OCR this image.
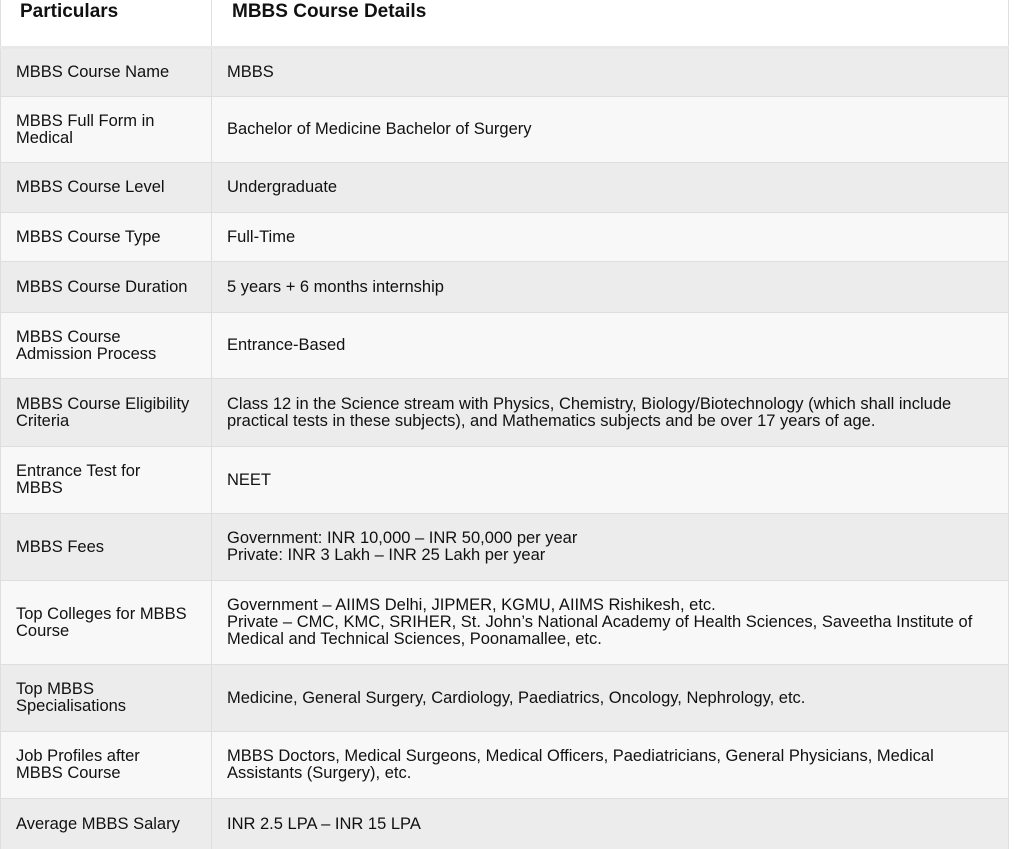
Particulars	MBBS Course Details
MBBS Course Name	MBBS

MBBS Full Form in Medical	Bachelor of Medicine Bachelor of Surgery

MBBS Course Level	Undergraduate

MBBS Course Type	Full-Time

MBBS Course Duration	5 years + 6 months internship

MBBS Course Admission Process	Entrance-Based

MBBS Course Eligibility Criteria	Class 12 in the Science stream with Physics, Chemistry, Biology/Biotechnology (which shall include practical tests in these subjects), and Mathematics subjects and be over 17 years of age.

Entrance Test for MBBS	NEET

MBBS Fees	Government: INR 10,000 – INR 50,000 per year
Private: INR 3 Lakh – INR 25 Lakh per year

Top Colleges for MBBS Course	Government – AIIMS Delhi, JIPMER, KGMU, AIIMS Rishikesh, etc.
Private – CMC, KMC, SRIHER, St. John’s National Academy of Health Sciences, Saveetha Institute of Medical and Technical Sciences, Poonamallee, etc.

Top MBBS Specialisations	Medicine, General Surgery, Cardiology, Paediatrics, Oncology, Nephrology, etc.

Job Profiles after MBBS Course	MBBS Doctors, Medical Surgeons, Medical Officers, Paediatricians, General Physicians, Medical Assistants (Surgery), etc.

Average MBBS Salary	INR 2.5 LPA – INR 15 LPA
